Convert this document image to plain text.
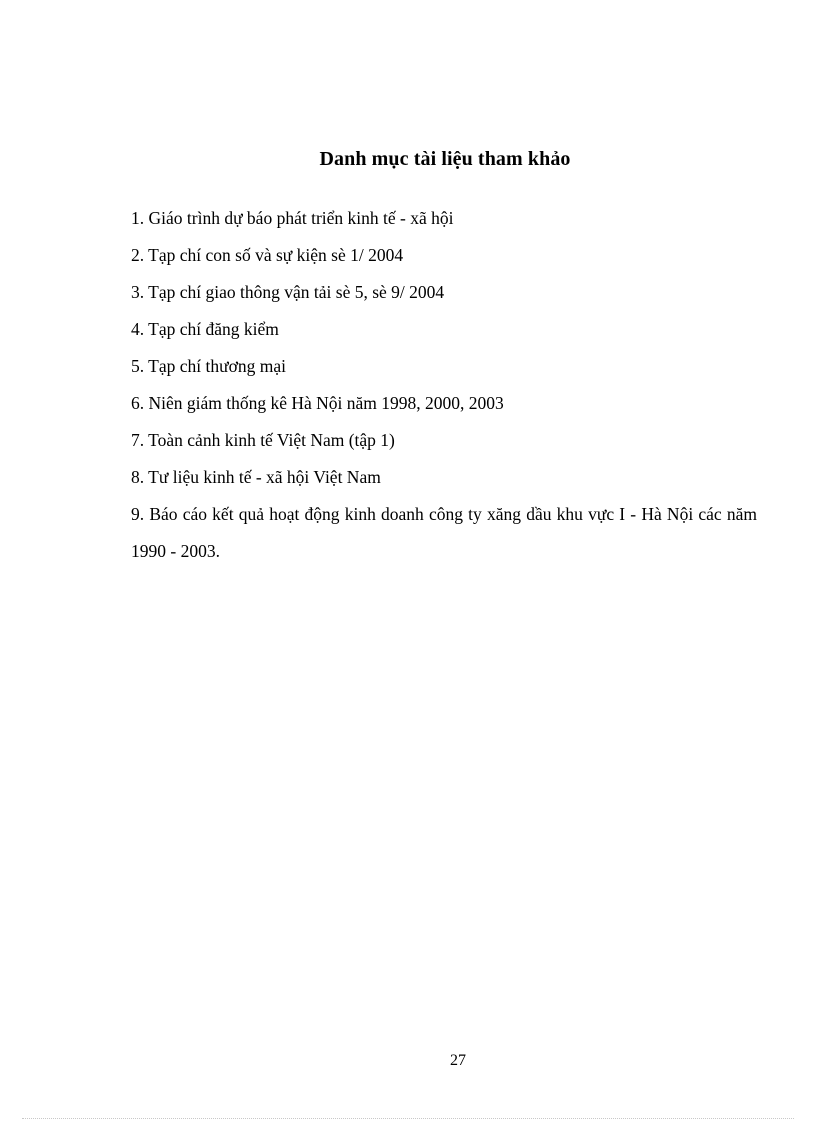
Danh mục tài liệu tham khảo
1. Giáo trình dự báo phát triển kinh tế - xã hội
2. Tạp chí con số và sự kiện sè 1/ 2004
3. Tạp chí giao thông vận tải sè 5, sè 9/ 2004
4. Tạp chí đăng kiểm
5. Tạp chí thương mại
6. Niên giám thống kê Hà Nội năm 1998, 2000, 2003
7. Toàn cảnh kinh tế Việt Nam (tập 1)
8. Tư liệu kinh tế - xã hội Việt Nam
9. Báo cáo kết quả hoạt động kinh doanh công ty xăng dầu khu vực I - Hà Nội các năm 1990 - 2003.
27
